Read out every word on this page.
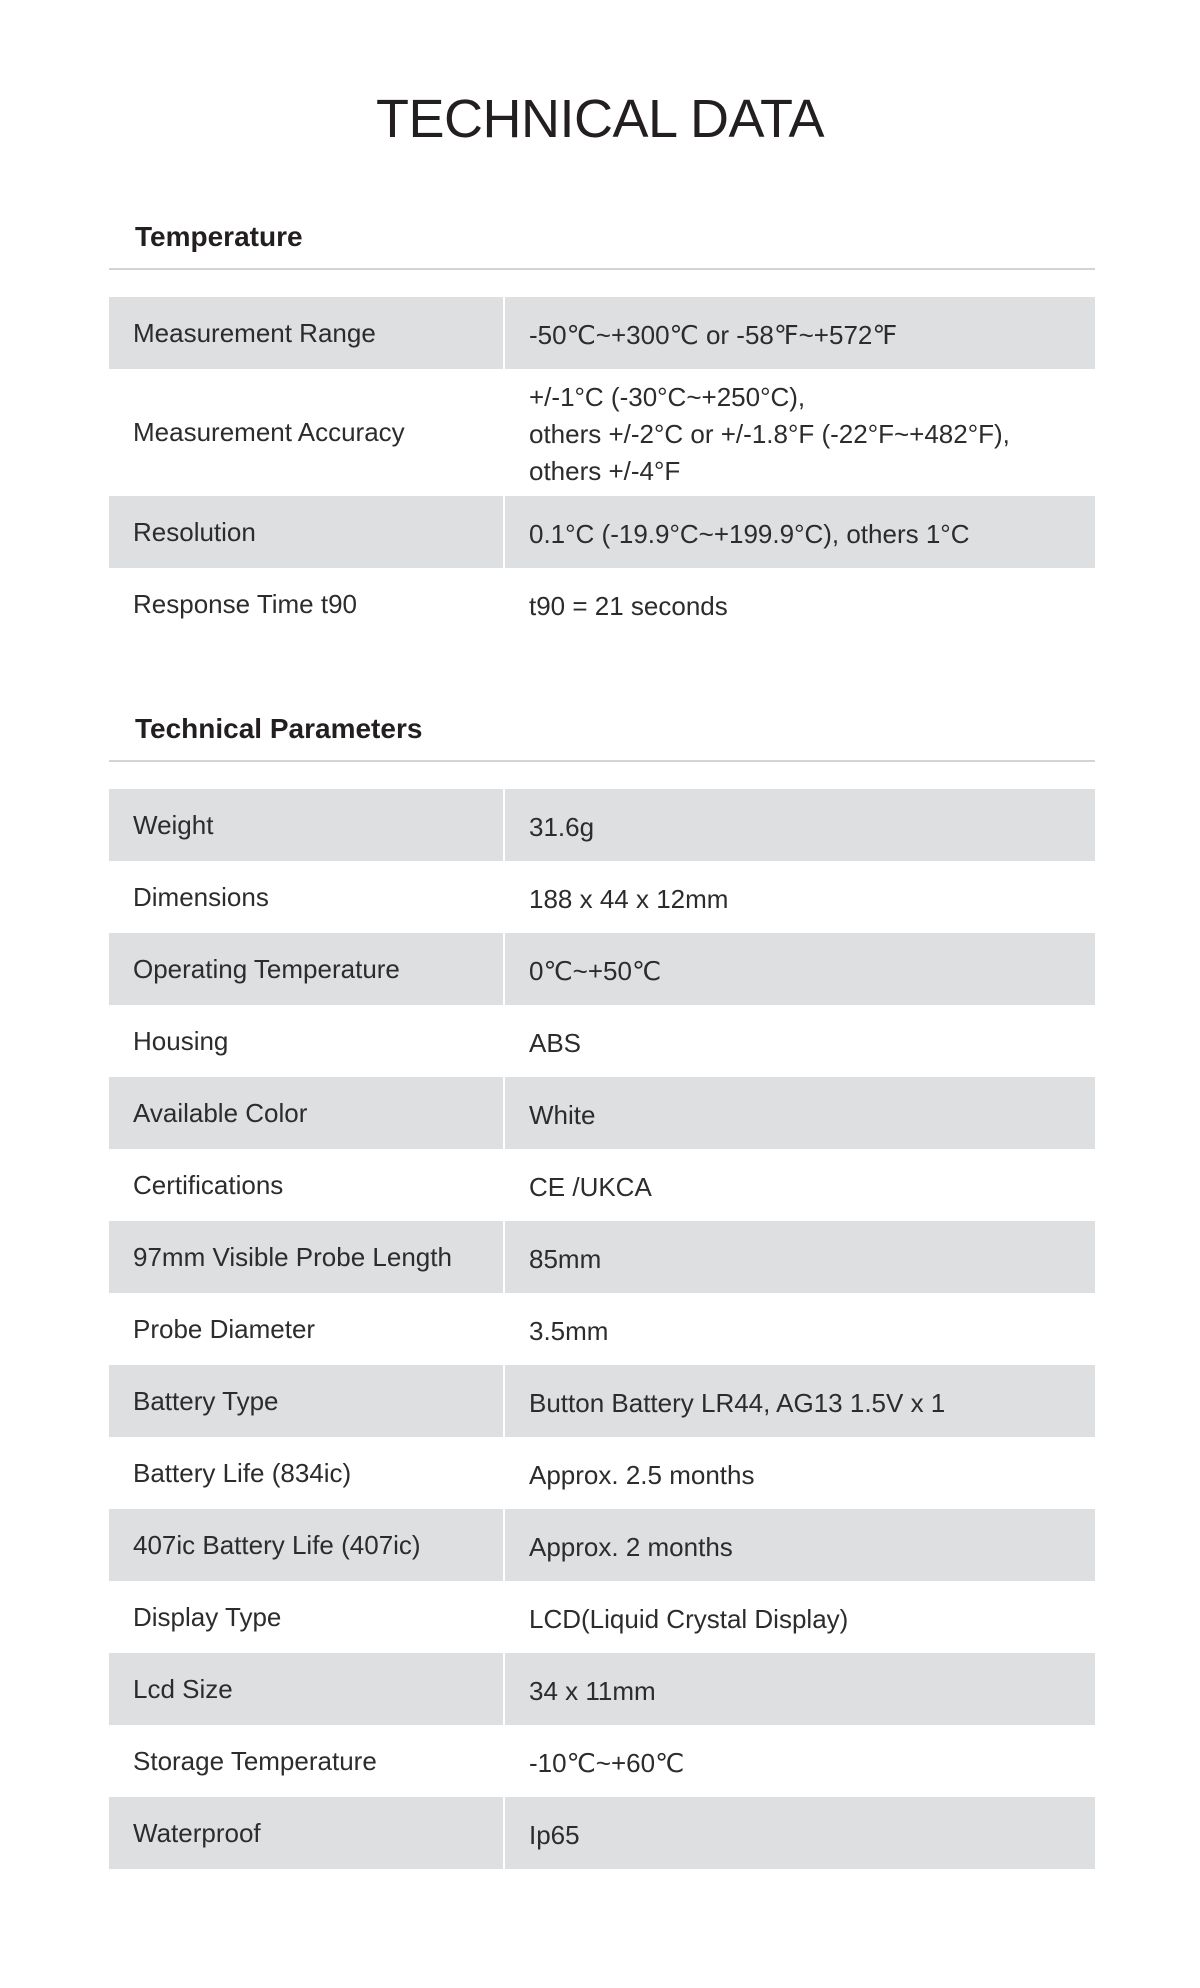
TECHNICAL DATA
Temperature
Measurement Range	-50℃~+300℃ or -58℉~+572℉
Measurement Accuracy
+/-1°C (-30°C~+250°C),
others +/-2°C or +/-1.8°F (-22°F~+482°F),
others +/-4°F
Resolution	0.1°C (-19.9°C~+199.9°C), others 1°C
Response Time t90	t90 = 21 seconds
Technical Parameters
Weight	31.6g
Dimensions	188 x 44 x 12mm
Operating Temperature	0℃~+50℃
Housing	ABS
Available Color	White
Certifications	CE /UKCA
97mm Visible Probe Length	85mm
Probe Diameter	3.5mm
Battery Type	Button Battery LR44, AG13 1.5V x 1
Battery Life (834ic)	Approx. 2.5 months
407ic Battery Life (407ic)	Approx. 2 months
Display Type	LCD(Liquid Crystal Display)
Lcd Size	34 x 11mm
Storage Temperature	-10℃~+60℃
Waterproof	Ip65
